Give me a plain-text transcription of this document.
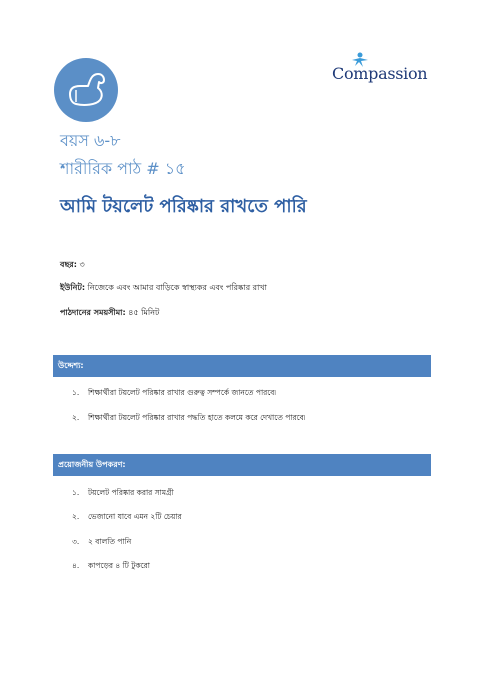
Compassion
বয়স ৬-৮
শারীরিক পাঠ # ১৫
আমি টয়লেট পরিষ্কার রাখতে পারি
বছর: ৩
ইউনিট: নিজেকে এবং আমার বাড়িকে স্বাস্থ্যকর এবং পরিষ্কার রাখা
পাঠদানের সময়সীমা: ৪৫ মিনিট
উদ্দেশ্য:
১. শিক্ষার্থীরা টয়লেট পরিষ্কার রাখার গুরুত্ব সম্পর্কে জানতে পারবে৷
২. শিক্ষার্থীরা টয়লেট পরিষ্কার রাখার পদ্ধতি হাতে কলমে করে দেখাতে পারবে৷
প্রয়োজনীয় উপকরণ:
১. টয়লেট পরিষ্কার করার সামগ্রী
২. ভেজানো যাবে এমন ২টি চেয়ার
৩. ২ বালতি পানি
৪. কাপড়ের ৪ টি টুকরো
